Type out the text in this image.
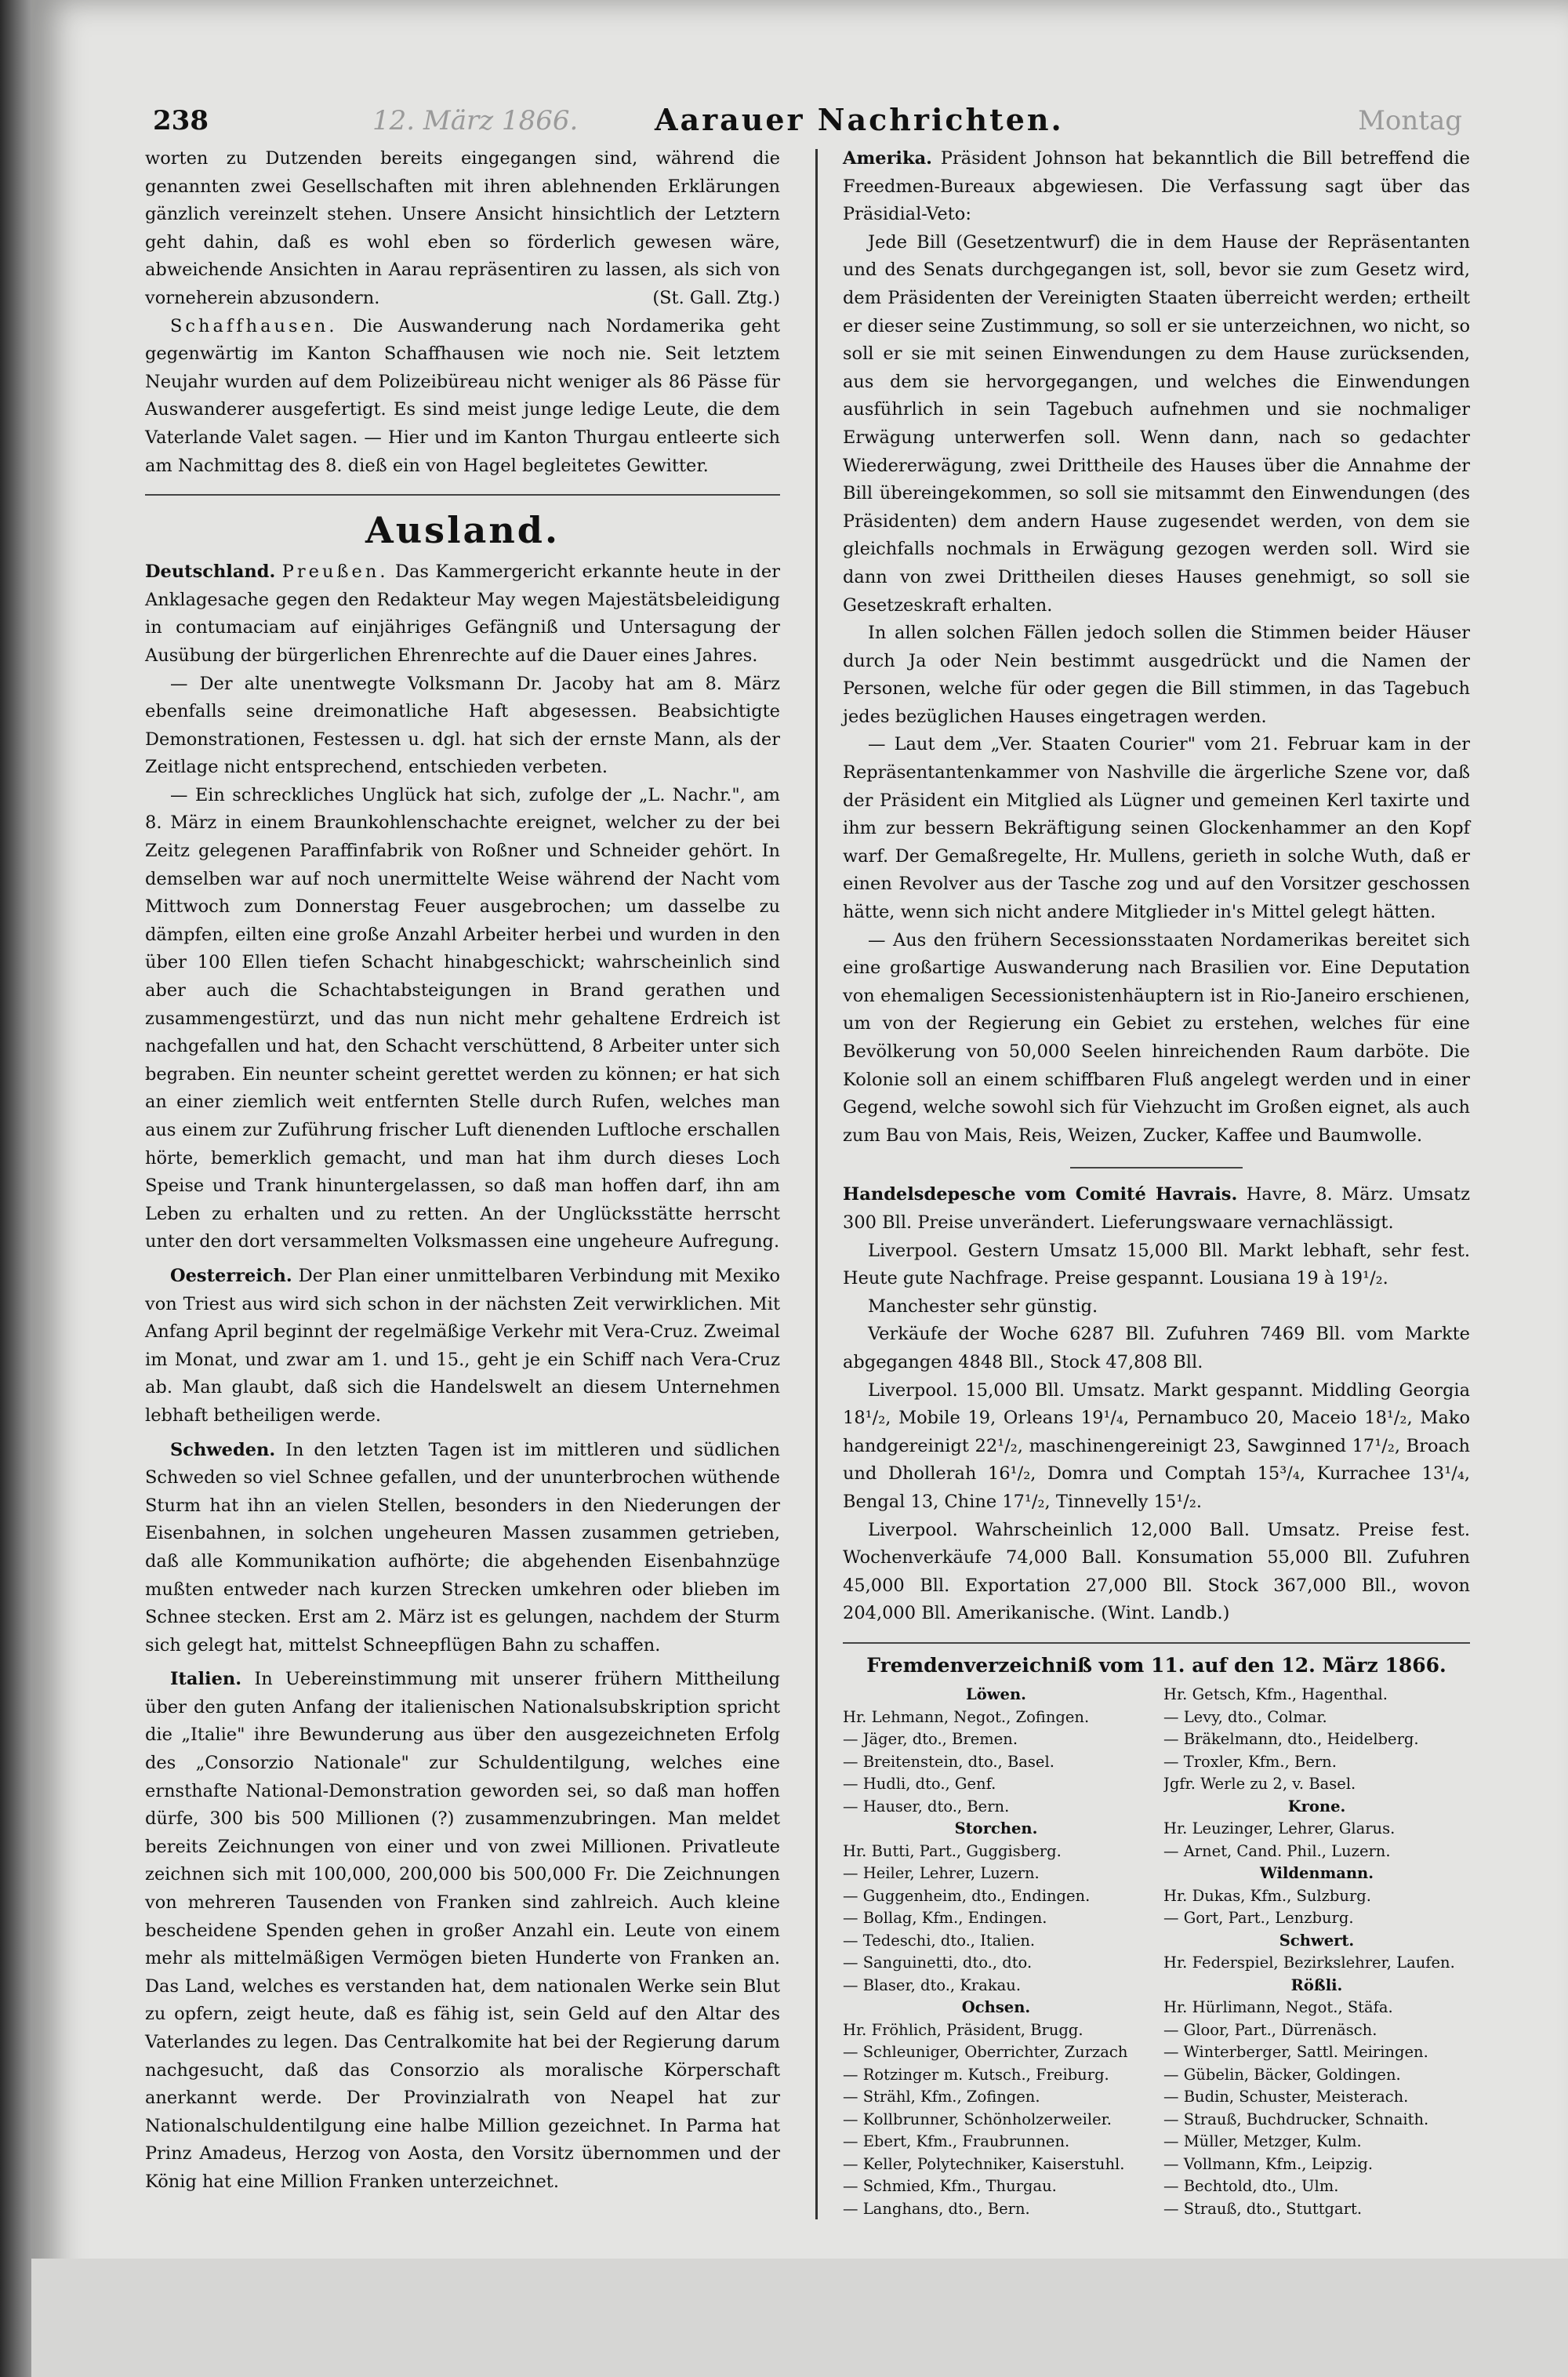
238	12. März 1866.	Aarauer Nachrichten.	Montag

worten zu Dutzenden bereits eingegangen sind, während die genannten zwei Gesellschaften mit ihren ablehnenden Erklärungen gänzlich vereinzelt stehen. Unsere Ansicht hinsichtlich der Letztern geht dahin, daß es wohl eben so förderlich gewesen wäre, abweichende Ansichten in Aarau repräsentiren zu lassen, als sich von vorneherein abzusondern.	(St. Gall. Ztg.)

Schaffhausen. Die Auswanderung nach Nordamerika geht gegenwärtig im Kanton Schaffhausen wie noch nie. Seit letztem Neujahr wurden auf dem Polizeibüreau nicht weniger als 86 Pässe für Auswanderer ausgefertigt. Es sind meist junge ledige Leute, die dem Vaterlande Valet sagen. — Hier und im Kanton Thurgau entleerte sich am Nachmittag des 8. dieß ein von Hagel begleitetes Gewitter.

Ausland.

Deutschland. Preußen. Das Kammergericht erkannte heute in der Anklagesache gegen den Redakteur May wegen Majestätsbeleidigung in contumaciam auf einjähriges Gefängniß und Untersagung der Ausübung der bürgerlichen Ehrenrechte auf die Dauer eines Jahres.

— Der alte unentwegte Volksmann Dr. Jacoby hat am 8. März ebenfalls seine dreimonatliche Haft abgesessen. Beabsichtigte Demonstrationen, Festessen u. dgl. hat sich der ernste Mann, als der Zeitlage nicht entsprechend, entschieden verbeten.

— Ein schreckliches Unglück hat sich, zufolge der „L. Nachr.", am 8. März in einem Braunkohlenschachte ereignet, welcher zu der bei Zeitz gelegenen Paraffinfabrik von Roßner und Schneider gehört. In demselben war auf noch unermittelte Weise während der Nacht vom Mittwoch zum Donnerstag Feuer ausgebrochen; um dasselbe zu dämpfen, eilten eine große Anzahl Arbeiter herbei und wurden in den über 100 Ellen tiefen Schacht hinabgeschickt; wahrscheinlich sind aber auch die Schachtabsteigungen in Brand gerathen und zusammengestürzt, und das nun nicht mehr gehaltene Erdreich ist nachgefallen und hat, den Schacht verschüttend, 8 Arbeiter unter sich begraben. Ein neunter scheint gerettet werden zu können; er hat sich an einer ziemlich weit entfernten Stelle durch Rufen, welches man aus einem zur Zuführung frischer Luft dienenden Luftloche erschallen hörte, bemerklich gemacht, und man hat ihm durch dieses Loch Speise und Trank hinuntergelassen, so daß man hoffen darf, ihn am Leben zu erhalten und zu retten. An der Unglücksstätte herrscht unter den dort versammelten Volksmassen eine ungeheure Aufregung.

Oesterreich. Der Plan einer unmittelbaren Verbindung mit Mexiko von Triest aus wird sich schon in der nächsten Zeit verwirklichen. Mit Anfang April beginnt der regelmäßige Verkehr mit Vera-Cruz. Zweimal im Monat, und zwar am 1. und 15., geht je ein Schiff nach Vera-Cruz ab. Man glaubt, daß sich die Handelswelt an diesem Unternehmen lebhaft betheiligen werde.

Schweden. In den letzten Tagen ist im mittleren und südlichen Schweden so viel Schnee gefallen, und der ununterbrochen wüthende Sturm hat ihn an vielen Stellen, besonders in den Niederungen der Eisenbahnen, in solchen ungeheuren Massen zusammen getrieben, daß alle Kommunikation aufhörte; die abgehenden Eisenbahnzüge mußten entweder nach kurzen Strecken umkehren oder blieben im Schnee stecken. Erst am 2. März ist es gelungen, nachdem der Sturm sich gelegt hat, mittelst Schneepflügen Bahn zu schaffen.

Italien. In Uebereinstimmung mit unserer frühern Mittheilung über den guten Anfang der italienischen Nationalsubskription spricht die „Italie" ihre Bewunderung aus über den ausgezeichneten Erfolg des „Consorzio Nationale" zur Schuldentilgung, welches eine ernsthafte National-Demonstration geworden sei, so daß man hoffen dürfe, 300 bis 500 Millionen (?) zusammenzubringen. Man meldet bereits Zeichnungen von einer und von zwei Millionen. Privatleute zeichnen sich mit 100,000, 200,000 bis 500,000 Fr. Die Zeichnungen von mehreren Tausenden von Franken sind zahlreich. Auch kleine bescheidene Spenden gehen in großer Anzahl ein. Leute von einem mehr als mittelmäßigen Vermögen bieten Hunderte von Franken an. Das Land, welches es verstanden hat, dem nationalen Werke sein Blut zu opfern, zeigt heute, daß es fähig ist, sein Geld auf den Altar des Vaterlandes zu legen. Das Centralkomite hat bei der Regierung darum nachgesucht, daß das Consorzio als moralische Körperschaft anerkannt werde. Der Provinzialrath von Neapel hat zur Nationalschuldentilgung eine halbe Million gezeichnet. In Parma hat Prinz Amadeus, Herzog von Aosta, den Vorsitz übernommen und der König hat eine Million Franken unterzeichnet.

Amerika. Präsident Johnson hat bekanntlich die Bill betreffend die Freedmen-Bureaux abgewiesen. Die Verfassung sagt über das Präsidial-Veto:

Jede Bill (Gesetzentwurf) die in dem Hause der Repräsentanten und des Senats durchgegangen ist, soll, bevor sie zum Gesetz wird, dem Präsidenten der Vereinigten Staaten überreicht werden; ertheilt er dieser seine Zustimmung, so soll er sie unterzeichnen, wo nicht, so soll er sie mit seinen Einwendungen zu dem Hause zurücksenden, aus dem sie hervorgegangen, und welches die Einwendungen ausführlich in sein Tagebuch aufnehmen und sie nochmaliger Erwägung unterwerfen soll. Wenn dann, nach so gedachter Wiedererwägung, zwei Drittheile des Hauses über die Annahme der Bill übereingekommen, so soll sie mitsammt den Einwendungen (des Präsidenten) dem andern Hause zugesendet werden, von dem sie gleichfalls nochmals in Erwägung gezogen werden soll. Wird sie dann von zwei Drittheilen dieses Hauses genehmigt, so soll sie Gesetzeskraft erhalten.

In allen solchen Fällen jedoch sollen die Stimmen beider Häuser durch Ja oder Nein bestimmt ausgedrückt und die Namen der Personen, welche für oder gegen die Bill stimmen, in das Tagebuch jedes bezüglichen Hauses eingetragen werden.

— Laut dem „Ver. Staaten Courier" vom 21. Februar kam in der Repräsentantenkammer von Nashville die ärgerliche Szene vor, daß der Präsident ein Mitglied als Lügner und gemeinen Kerl taxirte und ihm zur bessern Bekräftigung seinen Glockenhammer an den Kopf warf. Der Gemaßregelte, Hr. Mullens, gerieth in solche Wuth, daß er einen Revolver aus der Tasche zog und auf den Vorsitzer geschossen hätte, wenn sich nicht andere Mitglieder in's Mittel gelegt hätten.

— Aus den frühern Secessionsstaaten Nordamerikas bereitet sich eine großartige Auswanderung nach Brasilien vor. Eine Deputation von ehemaligen Secessionistenhäuptern ist in Rio-Janeiro erschienen, um von der Regierung ein Gebiet zu erstehen, welches für eine Bevölkerung von 50,000 Seelen hinreichenden Raum darböte. Die Kolonie soll an einem schiffbaren Fluß angelegt werden und in einer Gegend, welche sowohl sich für Viehzucht im Großen eignet, als auch zum Bau von Mais, Reis, Weizen, Zucker, Kaffee und Baumwolle.

Handelsdepesche vom Comité Havrais. Havre, 8. März. Umsatz 300 Bll. Preise unverändert. Lieferungswaare vernachlässigt.

Liverpool. Gestern Umsatz 15,000 Bll. Markt lebhaft, sehr fest. Heute gute Nachfrage. Preise gespannt. Lousiana 19 à 19¹/₂.

Manchester sehr günstig.

Verkäufe der Woche 6287 Bll. Zufuhren 7469 Bll. vom Markte abgegangen 4848 Bll., Stock 47,808 Bll.

Liverpool. 15,000 Bll. Umsatz. Markt gespannt. Middling Georgia 18¹/₂, Mobile 19, Orleans 19¹/₄, Pernambuco 20, Maceio 18¹/₂, Mako handgereinigt 22¹/₂, maschinengereinigt 23, Sawginned 17¹/₂, Broach und Dhollerah 16¹/₂, Domra und Comptah 15³/₄, Kurrachee 13¹/₄, Bengal 13, Chine 17¹/₂, Tinnevelly 15¹/₂.

Liverpool. Wahrscheinlich 12,000 Ball. Umsatz. Preise fest. Wochenverkäufe 74,000 Ball. Konsumation 55,000 Bll. Zufuhren 45,000 Bll. Exportation 27,000 Bll. Stock 367,000 Bll., wovon 204,000 Bll. Amerikanische. (Wint. Landb.)

Fremdenverzeichniß vom 11. auf den 12. März 1866.
Löwen.
Hr. Lehmann, Negot., Zofingen.
— Jäger, dto., Bremen.
— Breitenstein, dto., Basel.
— Hudli, dto., Genf.
— Hauser, dto., Bern.
Storchen.
Hr. Butti, Part., Guggisberg.
— Heiler, Lehrer, Luzern.
— Guggenheim, dto., Endingen.
— Bollag, Kfm., Endingen.
— Tedeschi, dto., Italien.
— Sanguinetti, dto., dto.
— Blaser, dto., Krakau.
Ochsen.
Hr. Fröhlich, Präsident, Brugg.
— Schleuniger, Oberrichter, Zurzach
— Rotzinger m. Kutsch., Freiburg.
— Strähl, Kfm., Zofingen.
— Kollbrunner, Schönholzerweiler.
— Ebert, Kfm., Fraubrunnen.
— Keller, Polytechniker, Kaiserstuhl.
— Schmied, Kfm., Thurgau.
— Langhans, dto., Bern.
Hr. Getsch, Kfm., Hagenthal.
— Levy, dto., Colmar.
— Bräkelmann, dto., Heidelberg.
— Troxler, Kfm., Bern.
Jgfr. Werle zu 2, v. Basel.
Krone.
Hr. Leuzinger, Lehrer, Glarus.
— Arnet, Cand. Phil., Luzern.
Wildenmann.
Hr. Dukas, Kfm., Sulzburg.
— Gort, Part., Lenzburg.
Schwert.
Hr. Federspiel, Bezirkslehrer, Laufen.
Rößli.
Hr. Hürlimann, Negot., Stäfa.
— Gloor, Part., Dürrenäsch.
— Winterberger, Sattl. Meiringen.
— Gübelin, Bäcker, Goldingen.
— Budin, Schuster, Meisterach.
— Strauß, Buchdrucker, Schnaith.
— Müller, Metzger, Kulm.
— Vollmann, Kfm., Leipzig.
— Bechtold, dto., Ulm.
— Strauß, dto., Stuttgart.
